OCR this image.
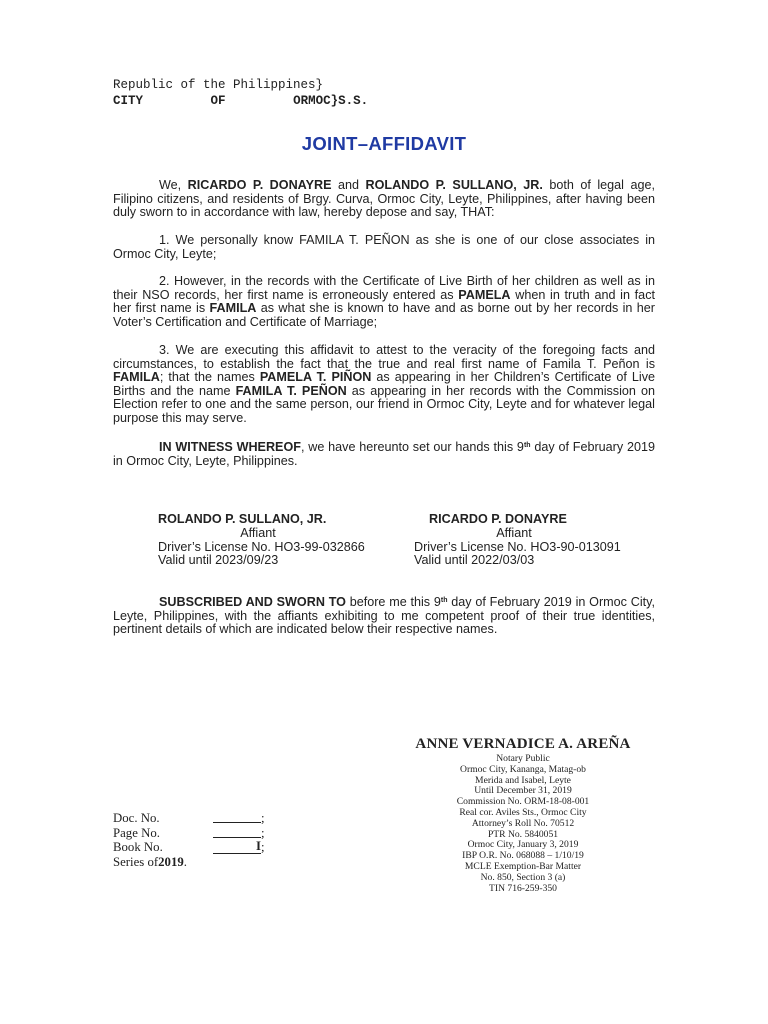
Republic of the Philippines}
CITY	OF	ORMOC}S.S.
JOINT–AFFIDAVIT
We, RICARDO P. DONAYRE and ROLANDO P. SULLANO, JR. both of legal age, Filipino citizens, and residents of Brgy. Curva, Ormoc City, Leyte, Philippines, after having been duly sworn to in accordance with law, hereby depose and say, THAT:
1. We personally know FAMILA T. PEÑON as she is one of our close associates in Ormoc City, Leyte;
2. However, in the records with the Certificate of Live Birth of her children as well as in their NSO records, her first name is erroneously entered as PAMELA when in truth and in fact her first name is FAMILA as what she is known to have and as borne out by her records in her Voter’s Certification and Certificate of Marriage;
3. We are executing this affidavit to attest to the veracity of the foregoing facts and circumstances, to establish the fact that the true and real first name of Famila T. Peñon is FAMILA; that the names PAMELA T. PIÑON as appearing in her Children’s Certificate of Live Births and the name FAMILA T. PEÑON as appearing in her records with the Commission on Election refer to one and the same person, our friend in Ormoc City, Leyte and for whatever legal purpose this may serve.
IN WITNESS WHEREOF, we have hereunto set our hands this 9th day of February 2019 in Ormoc City, Leyte, Philippines.
ROLANDO P. SULLANO, JR.
Affiant
Driver’s License No. HO3-99-032866
Valid until 2023/09/23
RICARDO P. DONAYRE
Affiant
Driver’s License No. HO3-90-013091
Valid until 2022/03/03
SUBSCRIBED AND SWORN TO before me this 9th day of February 2019 in Ormoc City, Leyte, Philippines, with the affiants exhibiting to me competent proof of their true identities, pertinent details of which are indicated below their respective names.
ANNE VERNADICE A. AREÑA
Notary Public
Ormoc City, Kananga, Matag-ob
Merida and Isabel, Leyte
Until December 31, 2019
Commission No. ORM-18-08-001
Real cor. Aviles Sts., Ormoc City
Attorney’s Roll No. 70512
PTR No. 5840051
Ormoc City, January 3, 2019
IBP O.R. No. 068088 – 1/10/19
MCLE Exemption-Bar Matter
No. 850, Section 3 (a)
TIN 716-259-350
Doc. No.	;
Page No.	;
Book No.	I ;
Series of 2019 .
